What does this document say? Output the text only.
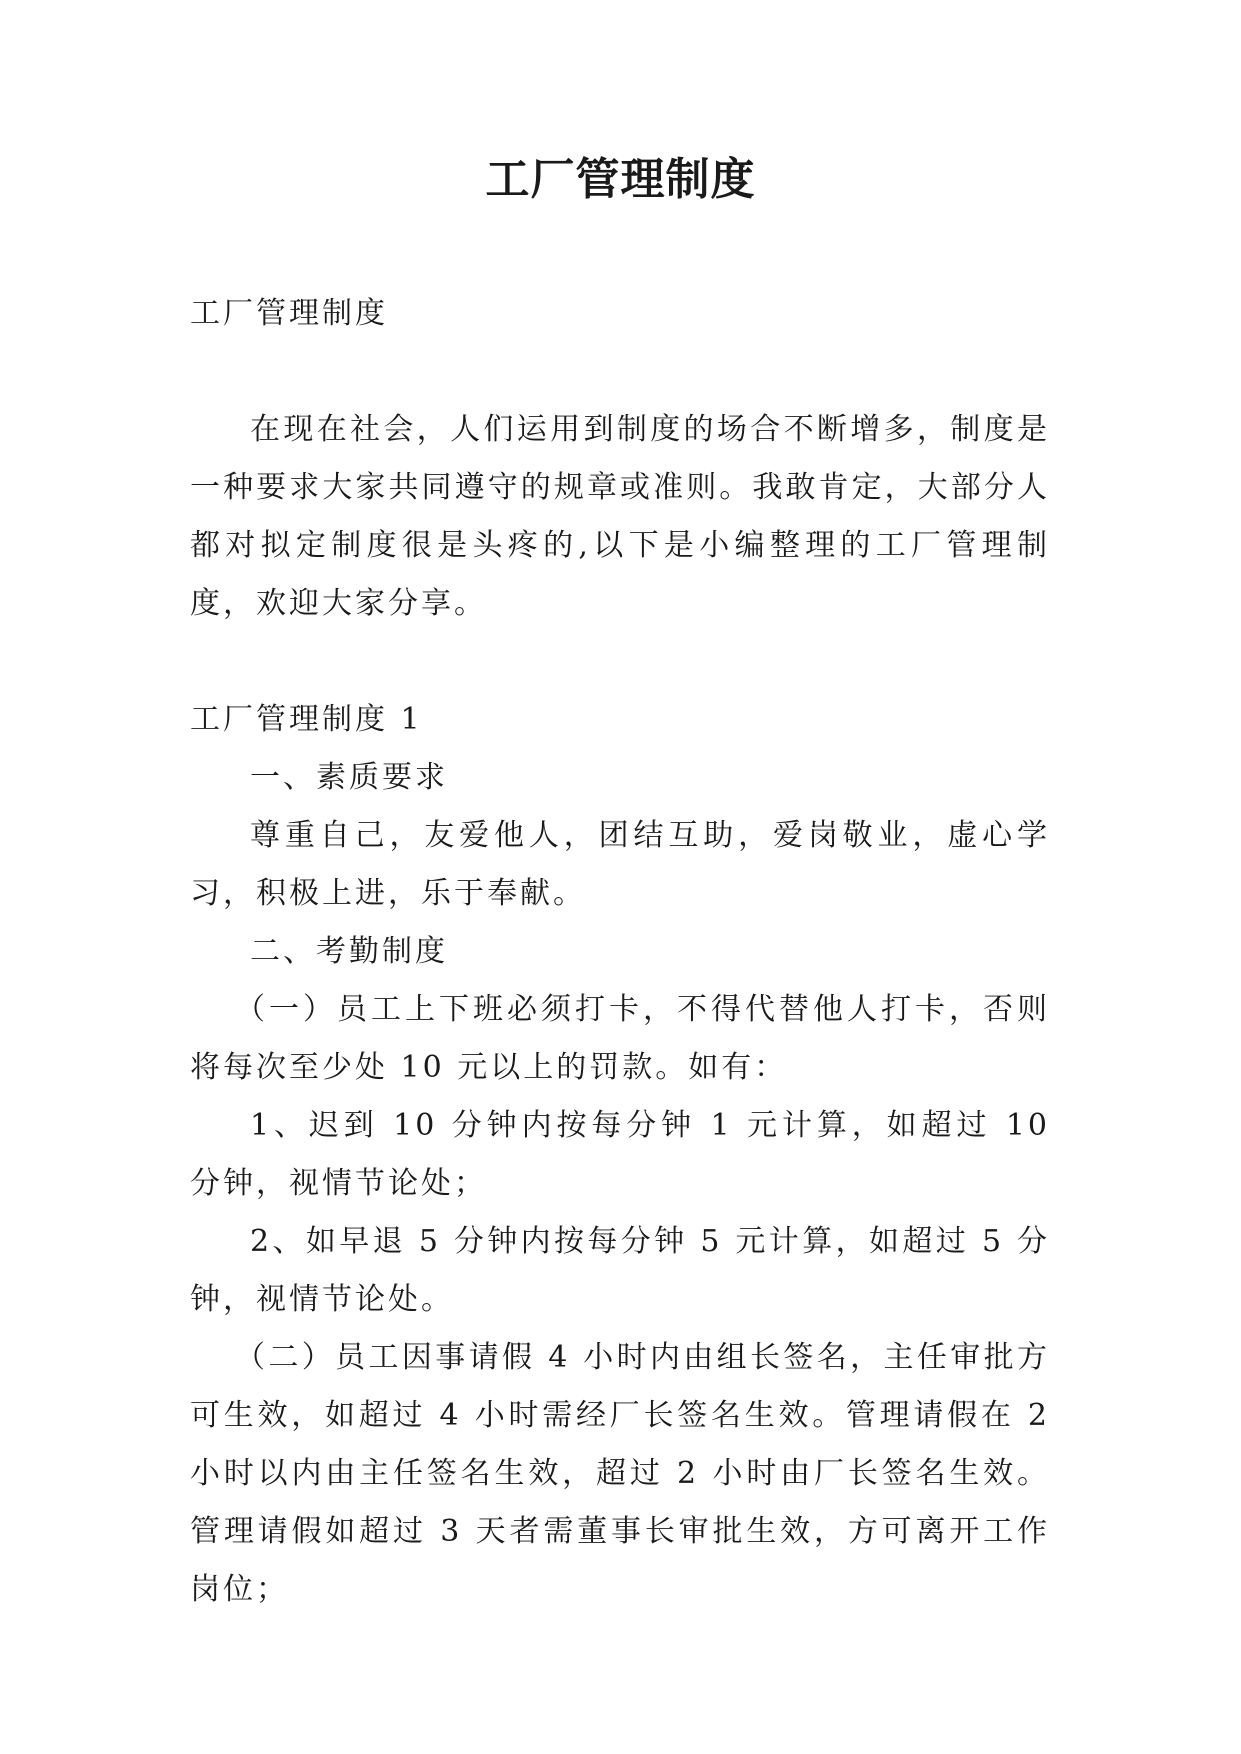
工厂管理制度

工厂管理制度

在现在社会，人们运用到制度的场合不断增多，制度是一种要求大家共同遵守的规章或准则。我敢肯定，大部分人都对拟定制度很是头疼的,以下是小编整理的工厂管理制度，欢迎大家分享。

工厂管理制度 1

一、素质要求

尊重自己，友爱他人，团结互助，爱岗敬业，虚心学习，积极上进，乐于奉献。

二、考勤制度

（一）员工上下班必须打卡，不得代替他人打卡，否则将每次至少处 10 元以上的罚款。如有：

1、迟到 10 分钟内按每分钟 1 元计算，如超过 10 分钟，视情节论处；

2、如早退 5 分钟内按每分钟 5 元计算，如超过 5 分钟，视情节论处。

（二）员工因事请假 4 小时内由组长签名，主任审批方可生效，如超过 4 小时需经厂长签名生效。管理请假在 2 小时以内由主任签名生效，超过 2 小时由厂长签名生效。管理请假如超过 3 天者需董事长审批生效，方可离开工作岗位；
